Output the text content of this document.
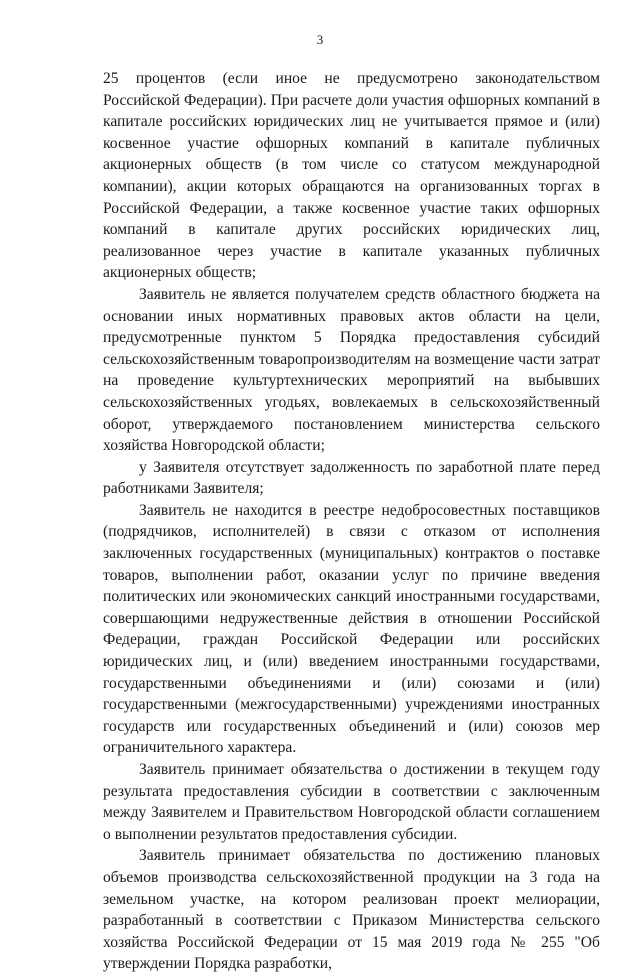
3

25 процентов (если иное не предусмотрено законодательством Российской Федерации). При расчете доли участия офшорных компаний в капитале российских юридических лиц не учитывается прямое и (или) косвенное участие офшорных компаний в капитале публичных акционерных обществ (в том числе со статусом международной компании), акции которых обращаются на организованных торгах в Российской Федерации, а также косвенное участие таких офшорных компаний в капитале других российских юридических лиц, реализованное через участие в капитале указанных публичных акционерных обществ;

Заявитель не является получателем средств областного бюджета на основании иных нормативных правовых актов области на цели, предусмотренные пунктом 5 Порядка предоставления субсидий сельскохозяйственным товаропроизводителям на возмещение части затрат на проведение культуртехнических мероприятий на выбывших сельскохозяйственных угодьях, вовлекаемых в сельскохозяйственный оборот, утверждаемого постановлением министерства сельского хозяйства Новгородской области;

у Заявителя отсутствует задолженность по заработной плате перед работниками Заявителя;

Заявитель не находится в реестре недобросовестных поставщиков (подрядчиков, исполнителей) в связи с отказом от исполнения заключенных государственных (муниципальных) контрактов о поставке товаров, выполнении работ, оказании услуг по причине введения политических или экономических санкций иностранными государствами, совершающими недружественные действия в отношении Российской Федерации, граждан Российской Федерации или российских юридических лиц, и (или) введением иностранными государствами, государственными объединениями и (или) союзами и (или) государственными (межгосударственными) учреждениями иностранных государств или государственных объединений и (или) союзов мер ограничительного характера.

Заявитель принимает обязательства о достижении в текущем году результата предоставления субсидии в соответствии с заключенным между Заявителем и Правительством Новгородской области соглашением о выполнении результатов предоставления субсидии.

Заявитель принимает обязательства по достижению плановых объемов производства сельскохозяйственной продукции на 3 года на земельном участке, на котором реализован проект мелиорации, разработанный в соответствии с Приказом Министерства сельского хозяйства Российской Федерации от 15 мая 2019 года № 255 "Об утверждении Порядка разработки,
